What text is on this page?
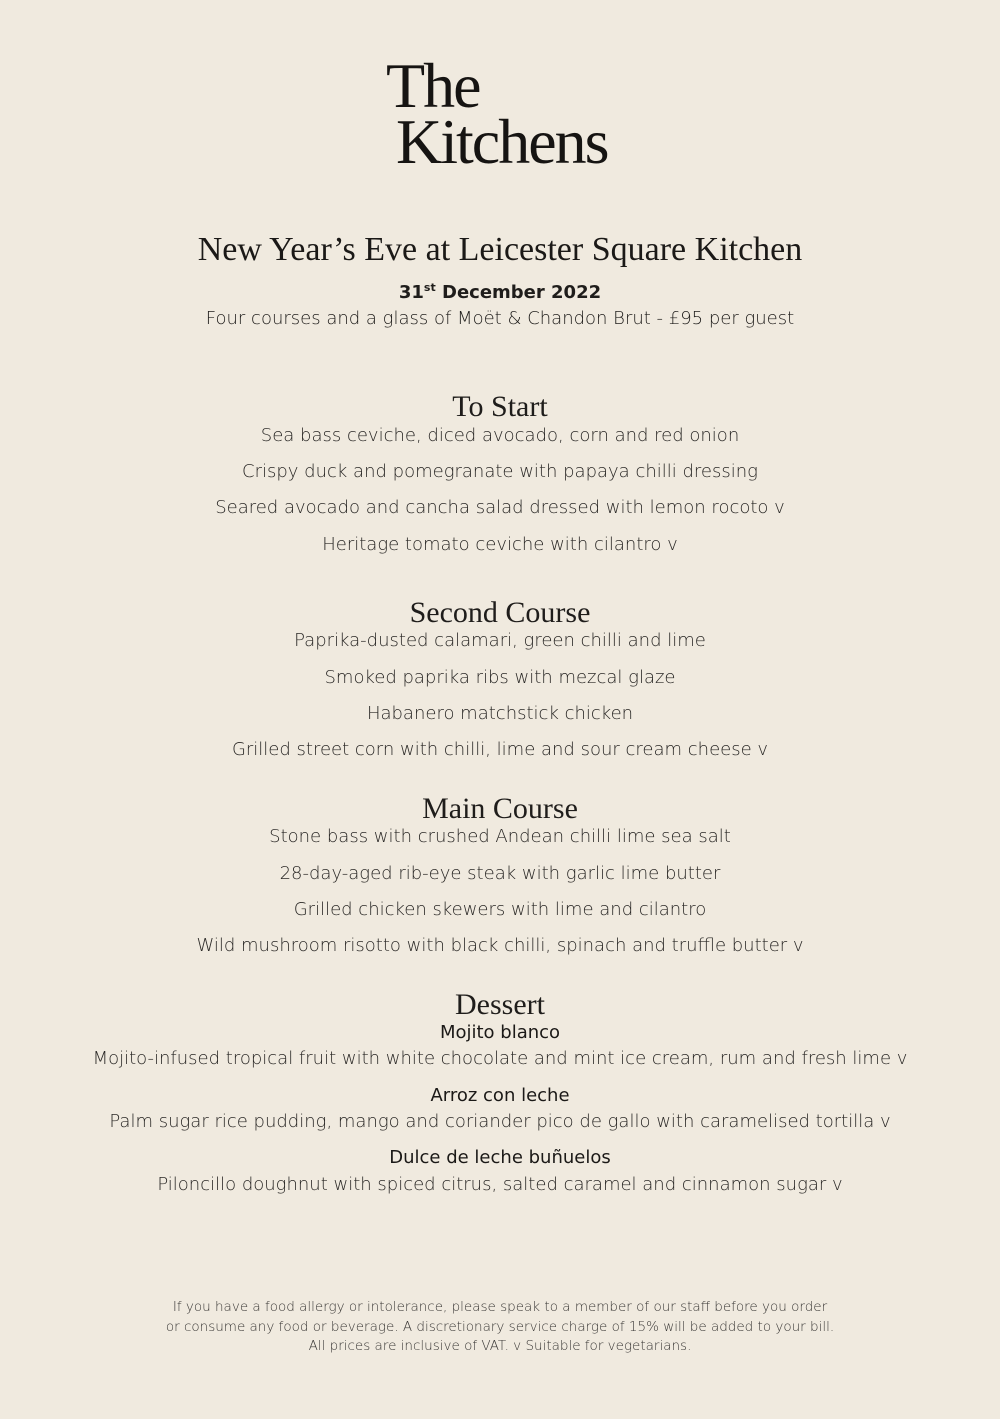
The
Kitchens
New Year’s Eve at Leicester Square Kitchen
31st December 2022
Four courses and a glass of Moët & Chandon Brut - £95 per guest
To Start
Sea bass ceviche, diced avocado, corn and red onion
Crispy duck and pomegranate with papaya chilli dressing
Seared avocado and cancha salad dressed with lemon rocoto v
Heritage tomato ceviche with cilantro v
Second Course
Paprika-dusted calamari, green chilli and lime
Smoked paprika ribs with mezcal glaze
Habanero matchstick chicken
Grilled street corn with chilli, lime and sour cream cheese v
Main Course
Stone bass with crushed Andean chilli lime sea salt
28-day-aged rib-eye steak with garlic lime butter
Grilled chicken skewers with lime and cilantro
Wild mushroom risotto with black chilli, spinach and truffle butter v
Dessert
Mojito blanco
Mojito-infused tropical fruit with white chocolate and mint ice cream, rum and fresh lime v
Arroz con leche
Palm sugar rice pudding, mango and coriander pico de gallo with caramelised tortilla v
Dulce de leche buñuelos
Piloncillo doughnut with spiced citrus, salted caramel and cinnamon sugar v
If you have a food allergy or intolerance, please speak to a member of our staff before you order
or consume any food or beverage. A discretionary service charge of 15% will be added to your bill.
All prices are inclusive of VAT. v Suitable for vegetarians.
